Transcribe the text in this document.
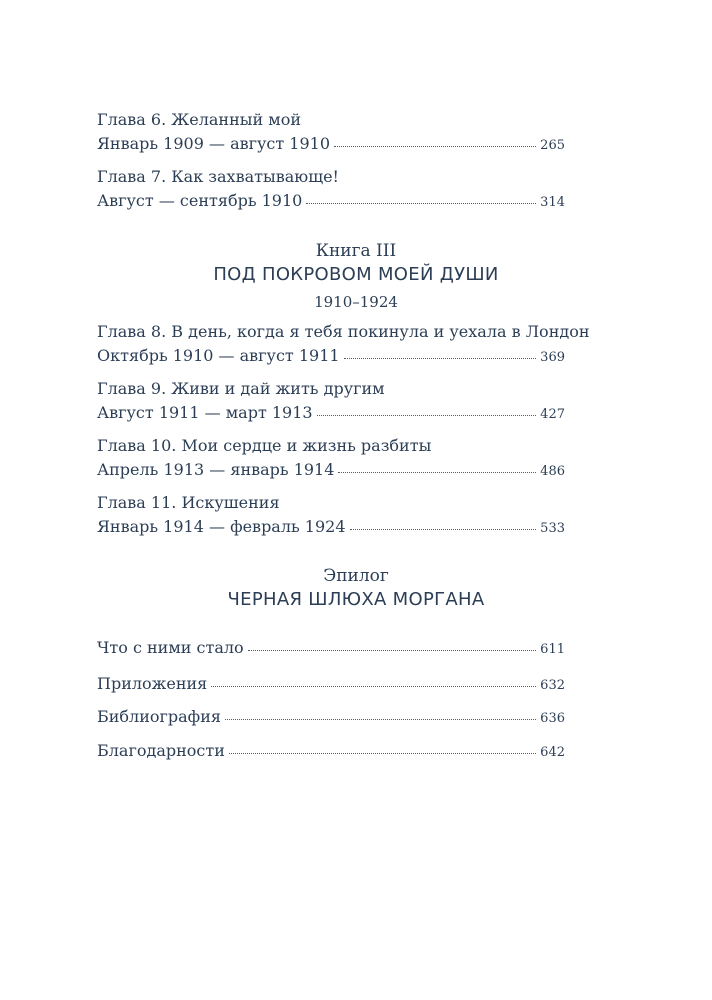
Глава 6. Желанный мой
Январь 1909 — август 1910	265
Глава 7. Как захватывающе!
Август — сентябрь 1910	314
Книга III
ПОД ПОКРОВОМ МОЕЙ ДУШИ
1910–1924
Глава 8. В день, когда я тебя покинула и уехала в Лондон
Октябрь 1910 — август 1911	369
Глава 9. Живи и дай жить другим
Август 1911 — март 1913	427
Глава 10. Мои сердце и жизнь разбиты
Апрель 1913 — январь 1914	486
Глава 11. Искушения
Январь 1914 — февраль 1924	533
Эпилог
ЧЕРНАЯ ШЛЮХА МОРГАНА
Что с ними стало	611
Приложения	632
Библиография	636
Благодарности	642
